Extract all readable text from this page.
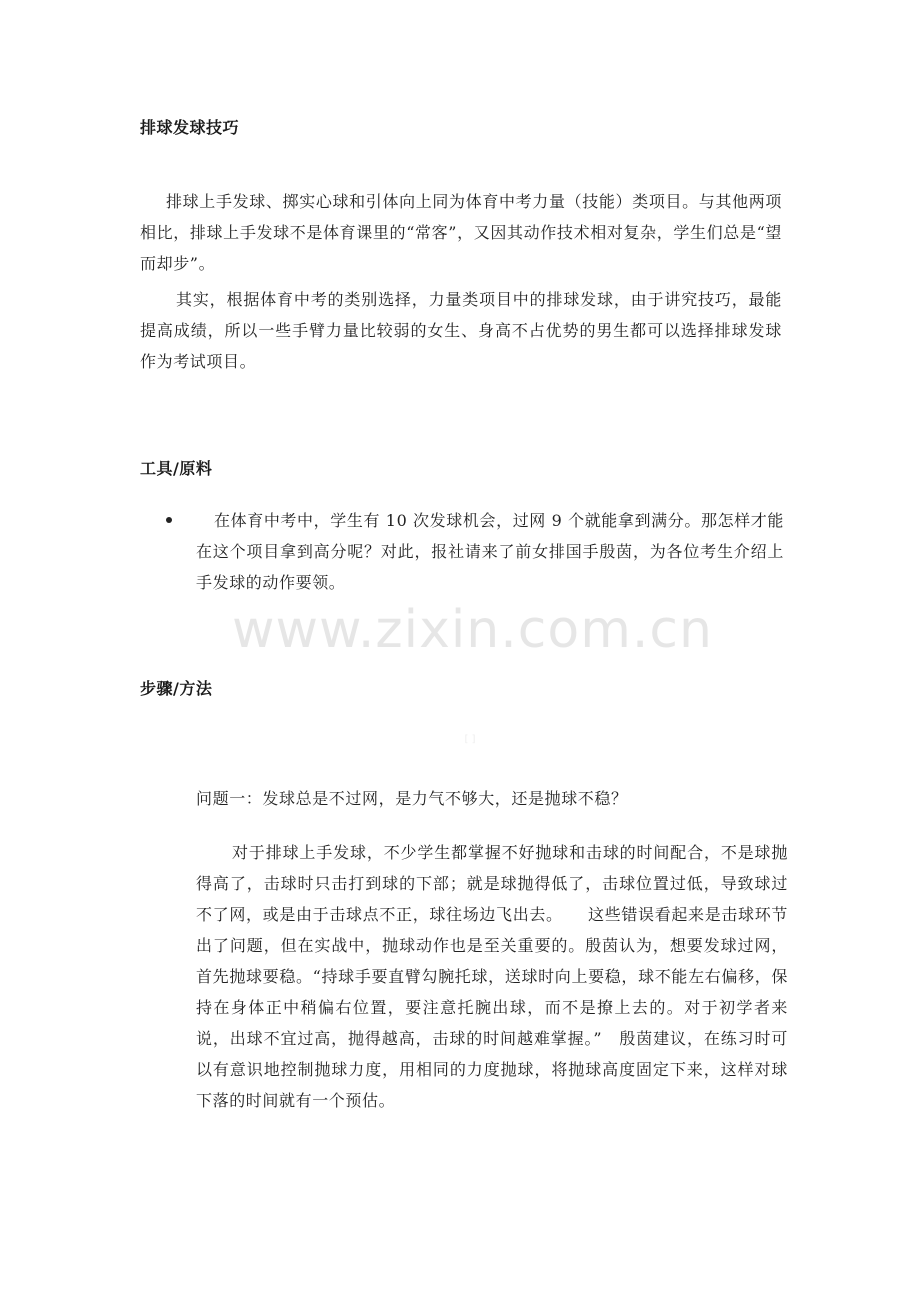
排球发球技巧

排球上手发球、掷实心球和引体向上同为体育中考力量（技能）类项目。与其他两项相比，排球上手发球不是体育课里的“常客”，又因其动作技术相对复杂，学生们总是“望而却步”。

其实，根据体育中考的类别选择，力量类项目中的排球发球，由于讲究技巧，最能提高成绩，所以一些手臂力量比较弱的女生、身高不占优势的男生都可以选择排球发球作为考试项目。

工具/原料

在体育中考中，学生有 10 次发球机会，过网 9 个就能拿到满分。那怎样才能在这个项目拿到高分呢？对此，报社请来了前女排国手殷茵，为各位考生介绍上手发球的动作要领。

www.zixin.com.cn
步骤/方法
[ ]

问题一：发球总是不过网，是力气不够大，还是抛球不稳？

对于排球上手发球，不少学生都掌握不好抛球和击球的时间配合，不是球抛得高了，击球时只击打到球的下部；就是球抛得低了，击球位置过低，导致球过不了网，或是由于击球点不正，球往场边飞出去。　　这些错误看起来是击球环节出了问题，但在实战中，抛球动作也是至关重要的。殷茵认为，想要发球过网，首先抛球要稳。“持球手要直臂勾腕托球，送球时向上要稳，球不能左右偏移，保持在身体正中稍偏右位置，要注意托腕出球，而不是撩上去的。对于初学者来说，出球不宜过高，抛得越高，击球的时间越难掌握。”　殷茵建议，在练习时可以有意识地控制抛球力度，用相同的力度抛球，将抛球高度固定下来，这样对球下落的时间就有一个预估。
